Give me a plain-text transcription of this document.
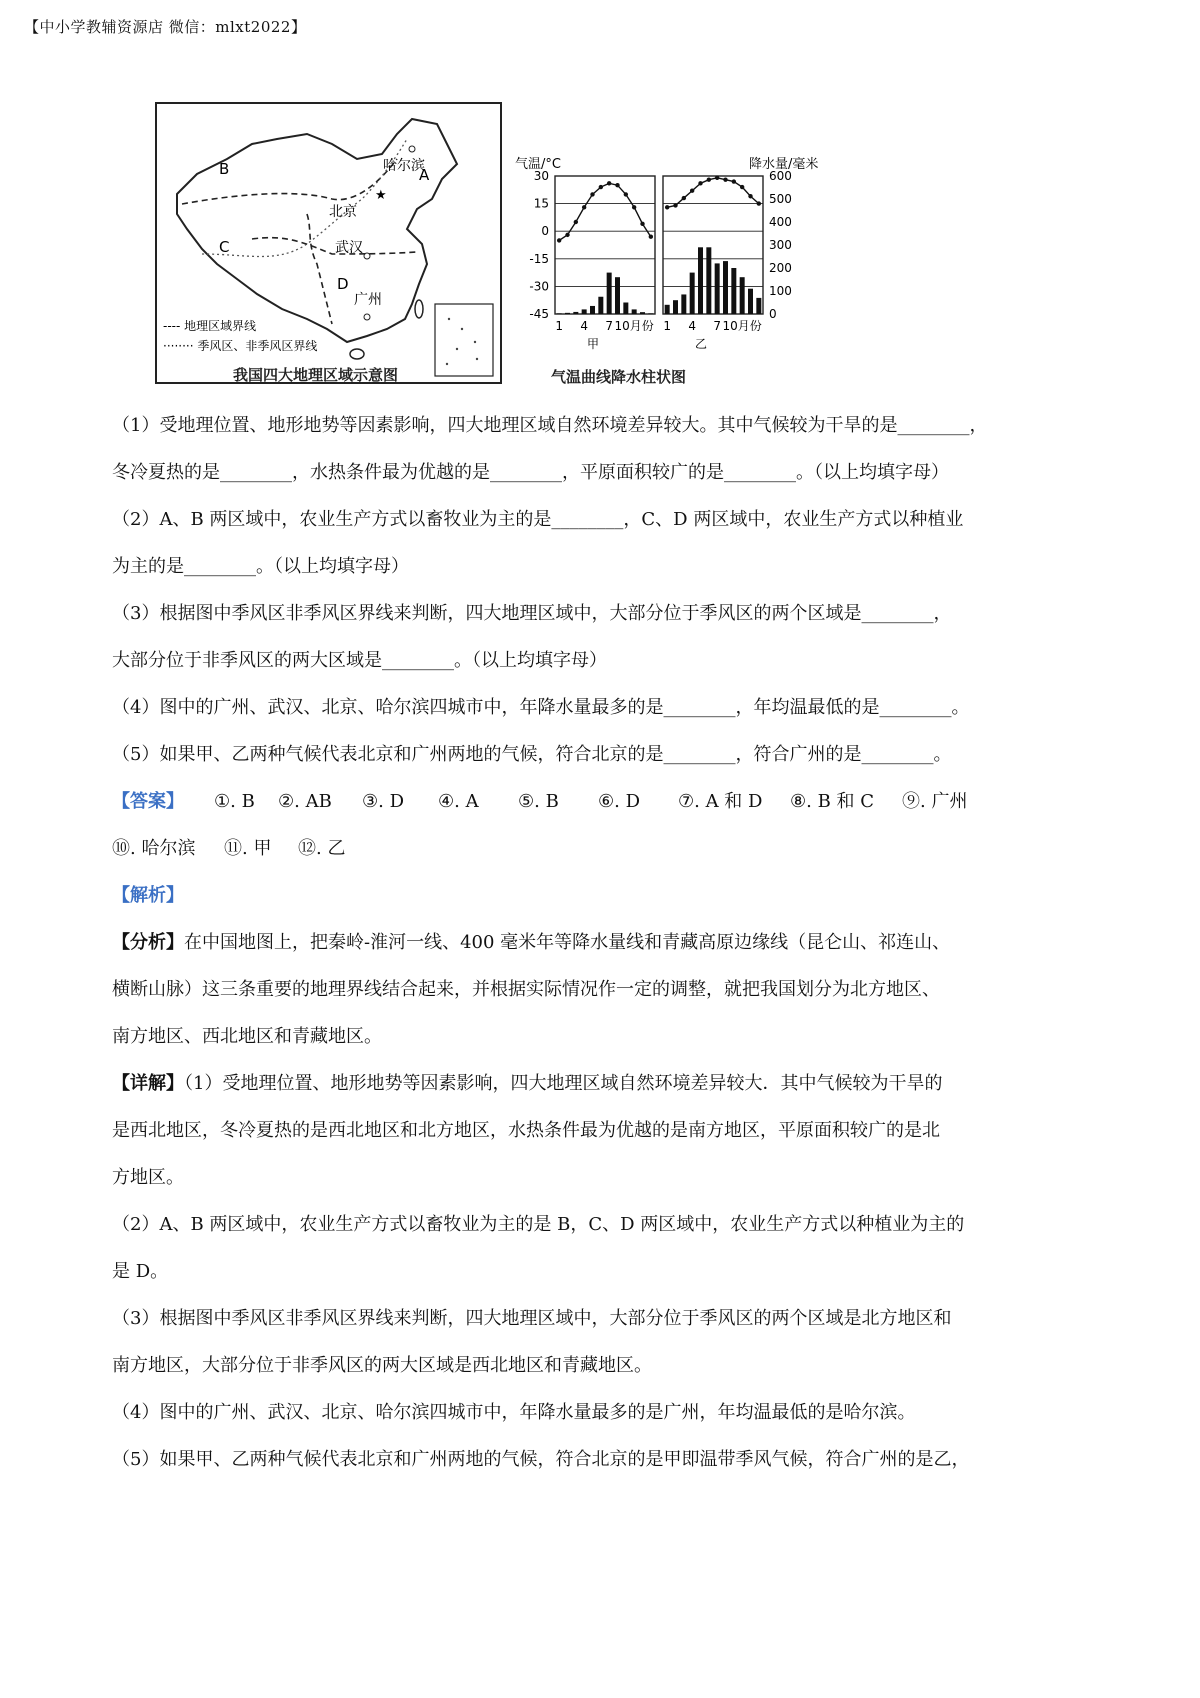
【中小学教辅资源店 微信：mlxt2022】
哈尔滨
★
北京
武汉
广州
A
B
C
D
---- 地理区域界线
········ 季风区、非季风区界线
我国四大地理区域示意图
气温/°C	降水量/毫米
30
15
0
-15
-30
-45
600
500
400
300
200
100
0
1 4 7 10月份
甲
1 4 7 10月份
乙
气温曲线降水柱状图

（1）受地理位置、地形地势等因素影响，四大地理区域自然环境差异较大。其中气候较为干旱的是________，

冬冷夏热的是________，水热条件最为优越的是________，平原面积较广的是________。（以上均填字母）

（2）A、B 两区域中，农业生产方式以畜牧业为主的是________，C、D 两区域中，农业生产方式以种植业

为主的是________。（以上均填字母）

（3）根据图中季风区非季风区界线来判断，四大地理区域中，大部分位于季风区的两个区域是________，

大部分位于非季风区的两大区域是________。（以上均填字母）

（4）图中的广州、武汉、北京、哈尔滨四城市中，年降水量最多的是________，年均温最低的是________。

（5）如果甲、乙两种气候代表北京和广州两地的气候，符合北京的是________，符合广州的是________。

【答案】	①. B	②. AB	③. D	④. A	⑤. B	⑥. D	⑦. A 和 D	⑧. B 和 C	⑨. 广州
⑩. 哈尔滨	⑪. 甲	⑫. 乙

【解析】

【分析】在中国地图上，把秦岭-淮河一线、400 毫米年等降水量线和青藏高原边缘线（昆仑山、祁连山、

横断山脉）这三条重要的地理界线结合起来，并根据实际情况作一定的调整，就把我国划分为北方地区、

南方地区、西北地区和青藏地区。

【详解】（1）受地理位置、地形地势等因素影响，四大地理区域自然环境差异较大．其中气候较为干旱的

是西北地区，冬冷夏热的是西北地区和北方地区，水热条件最为优越的是南方地区，平原面积较广的是北

方地区。

（2）A、B 两区域中，农业生产方式以畜牧业为主的是 B，C、D 两区域中，农业生产方式以种植业为主的

是 D。

（3）根据图中季风区非季风区界线来判断，四大地理区域中，大部分位于季风区的两个区域是北方地区和

南方地区，大部分位于非季风区的两大区域是西北地区和青藏地区。

（4）图中的广州、武汉、北京、哈尔滨四城市中，年降水量最多的是广州，年均温最低的是哈尔滨。

（5）如果甲、乙两种气候代表北京和广州两地的气候，符合北京的是甲即温带季风气候，符合广州的是乙，
